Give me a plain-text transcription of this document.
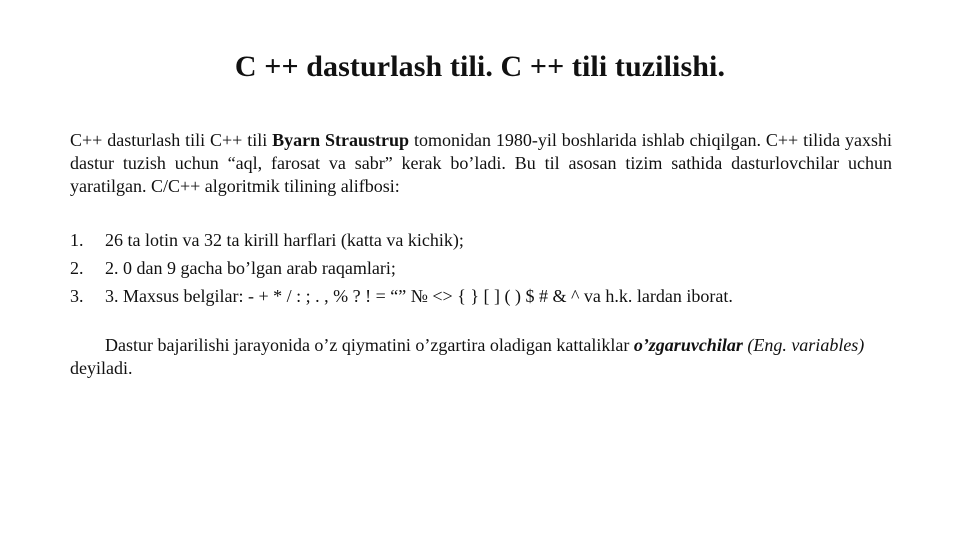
C ++ dasturlash tili. C ++ tili tuzilishi.

C++ dasturlash tili C++ tili Byarn Straustrup tomonidan 1980-yil boshlarida ishlab chiqilgan. C++ tilida yaxshi dastur tuzish uchun “aql, farosat va sabr” kerak bo’ladi. Bu til asosan tizim sathida dasturlovchilar uchun yaratilgan. C/C++ algoritmik tilining alifbosi:

1. 26 ta lotin va 32 ta kirill harflari (katta va kichik);
2. 2. 0 dan 9 gacha bo’lgan arab raqamlari;
3. 3. Maxsus belgilar: - + * / : ; . , % ? ! = “” № <> { } [ ] ( ) $ # & ^ va h.k. lardan iborat.

Dastur bajarilishi jarayonida o’z qiymatini o’zgartira oladigan kattaliklar o’zgaruvchilar (Eng. variables) deyiladi.
